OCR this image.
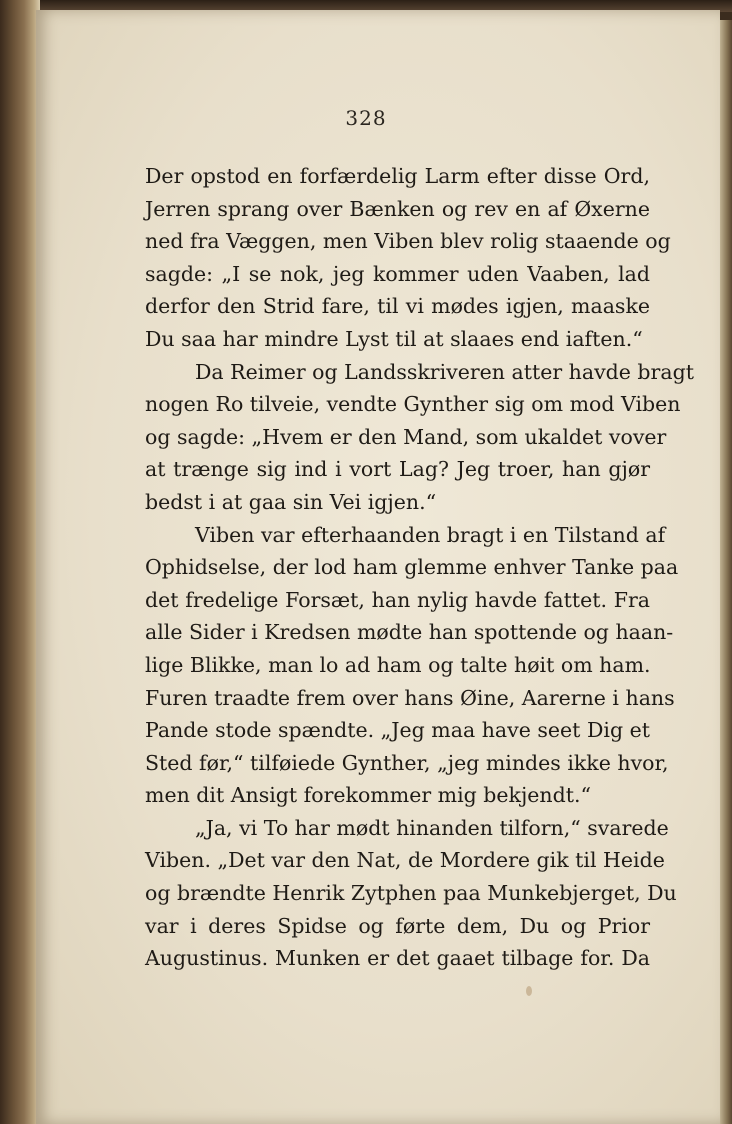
328
Der opstod en forfærdelig Larm efter disse Ord,
Jerren sprang over Bænken og rev en af Øxerne
ned fra Væggen, men Viben blev rolig staaende og
sagde: „I se nok, jeg kommer uden Vaaben, lad
derfor den Strid fare, til vi mødes igjen, maaske
Du saa har mindre Lyst til at slaaes end iaften.“
Da Reimer og Landsskriveren atter havde bragt
nogen Ro tilveie, vendte Gynther sig om mod Viben
og sagde: „Hvem er den Mand, som ukaldet vover
at trænge sig ind i vort Lag? Jeg troer, han gjør
bedst i at gaa sin Vei igjen.“
Viben var efterhaanden bragt i en Tilstand af
Ophidselse, der lod ham glemme enhver Tanke paa
det fredelige Forsæt, han nylig havde fattet. Fra
alle Sider i Kredsen mødte han spottende og haan-
lige Blikke, man lo ad ham og talte høit om ham.
Furen traadte frem over hans Øine, Aarerne i hans
Pande stode spændte. „Jeg maa have seet Dig et
Sted før,“ tilføiede Gynther, „jeg mindes ikke hvor,
men dit Ansigt forekommer mig bekjendt.“
„Ja, vi To har mødt hinanden tilforn,“ svarede
Viben. „Det var den Nat, de Mordere gik til Heide
og brændte Henrik Zytphen paa Munkebjerget, Du
var i deres Spidse og førte dem, Du og Prior
Augustinus. Munken er det gaaet tilbage for. Da
